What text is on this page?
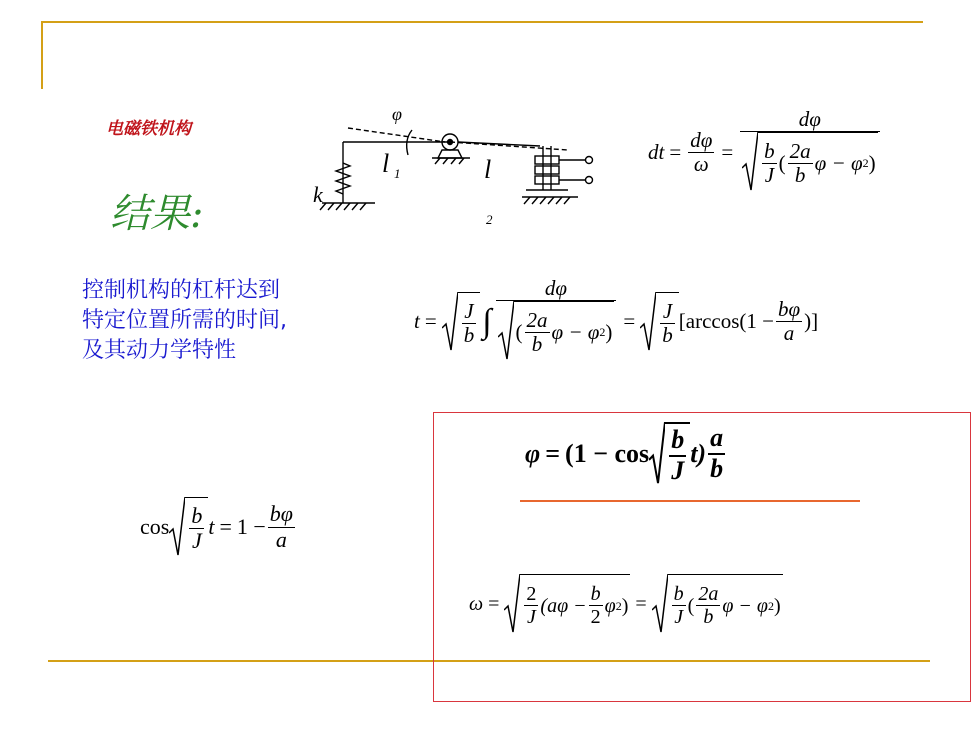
电磁铁机构
结果:
控制机构的杠杆达到
特定位置所需的时间,
及其动力学特性
φ
l 1	l
2
k
dt = $\frac{d\varphi}{\omega} = \frac{d\varphi}{\frac{b}{J} ( \frac{2a}{b} \varphi - \varphi 2 )}$
$t = \frac{J}{b}$ ∫ $\frac{d\varphi}{( \frac{2a}{b} \varphi - \varphi 2 )} = \frac{J}{b} [\arccos(1 - \frac{b\varphi}{a}$ )]
$\cos \frac{b}{J}$ $t = 1 - \frac{b\varphi}{a}$
$\varphi = (1 - \cos \frac{b}{J} t) \frac{a}{b}$
$\omega = \frac{2}{J} (a\varphi - \frac{b}{2}$ φ 2 ) = $\frac{b}{J}$ ( $\frac{2a}{b}$ φ − φ 2 )
